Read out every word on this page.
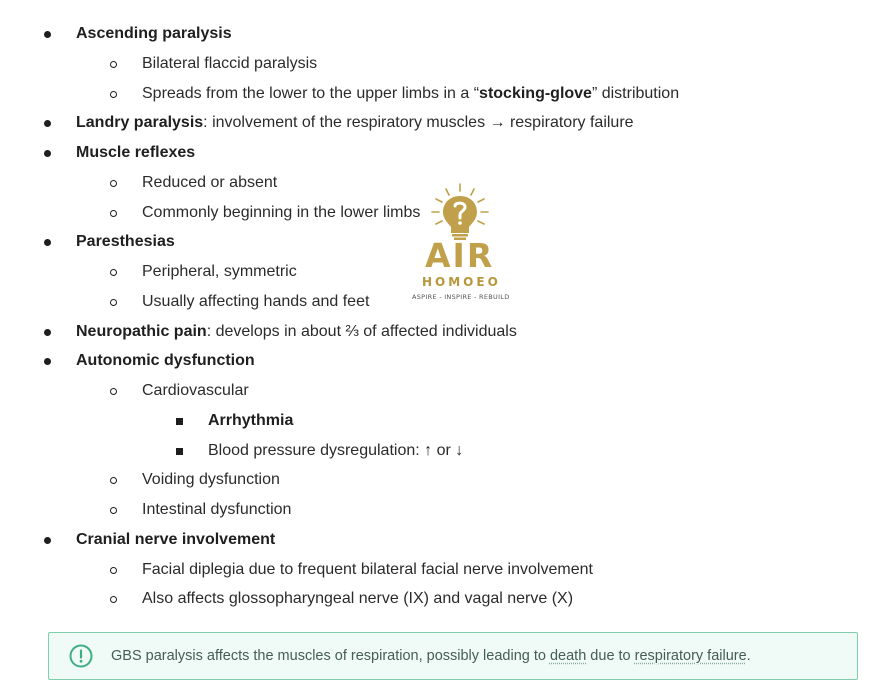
Ascending paralysis
Bilateral flaccid paralysis
Spreads from the lower to the upper limbs in a “stocking-glove” distribution
Landry paralysis: involvement of the respiratory muscles → respiratory failure
Muscle reflexes
Reduced or absent
Commonly beginning in the lower limbs
Paresthesias
Peripheral, symmetric
Usually affecting hands and feet
Neuropathic pain: develops in about ⅔ of affected individuals
Autonomic dysfunction
Cardiovascular
Arrhythmia
Blood pressure dysregulation: ↑ or ↓
Voiding dysfunction
Intestinal dysfunction
Cranial nerve involvement
Facial diplegia due to frequent bilateral facial nerve involvement
Also affects glossopharyngeal nerve (IX) and vagal nerve (X)
AIR
HOMOEO
ASPIRE - INSPIRE - REBUILD
GBS paralysis affects the muscles of respiration, possibly leading to death due to respiratory failure.
